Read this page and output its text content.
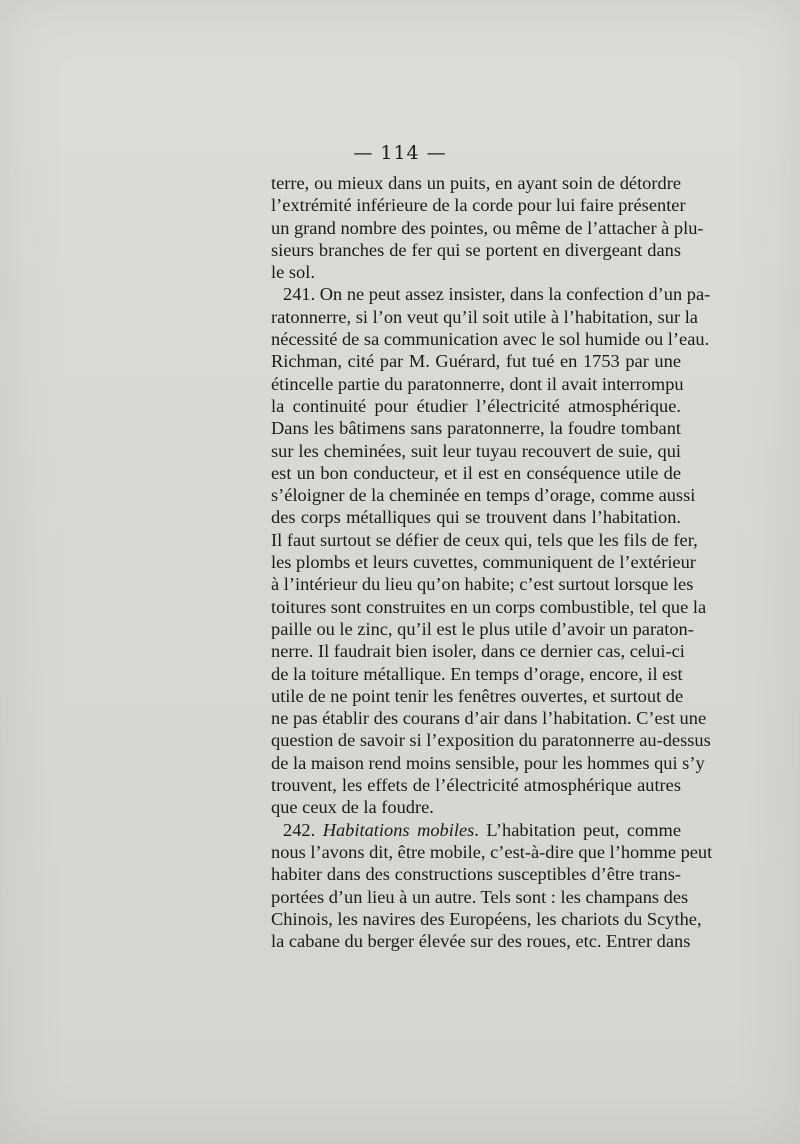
— 114 —
terre, ou mieux dans un puits, en ayant soin de détordre
l’extrémité inférieure de la corde pour lui faire présenter
un grand nombre des pointes, ou même de l’attacher à plu-
sieurs branches de fer qui se portent en divergeant dans
le sol.
241. On ne peut assez insister, dans la confection d’un pa-
ratonnerre, si l’on veut qu’il soit utile à l’habitation, sur la
nécessité de sa communication avec le sol humide ou l’eau.
Richman, cité par M. Guérard, fut tué en 1753 par une
étincelle partie du paratonnerre, dont il avait interrompu
la continuité pour étudier l’électricité atmosphérique.
Dans les bâtimens sans paratonnerre, la foudre tombant
sur les cheminées, suit leur tuyau recouvert de suie, qui
est un bon conducteur, et il est en conséquence utile de
s’éloigner de la cheminée en temps d’orage, comme aussi
des corps métalliques qui se trouvent dans l’habitation.
Il faut surtout se défier de ceux qui, tels que les fils de fer,
les plombs et leurs cuvettes, communiquent de l’extérieur
à l’intérieur du lieu qu’on habite; c’est surtout lorsque les
toitures sont construites en un corps combustible, tel que la
paille ou le zinc, qu’il est le plus utile d’avoir un paraton-
nerre. Il faudrait bien isoler, dans ce dernier cas, celui-ci
de la toiture métallique. En temps d’orage, encore, il est
utile de ne point tenir les fenêtres ouvertes, et surtout de
ne pas établir des courans d’air dans l’habitation. C’est une
question de savoir si l’exposition du paratonnerre au-dessus
de la maison rend moins sensible, pour les hommes qui s’y
trouvent, les effets de l’électricité atmosphérique autres
que ceux de la foudre.
242. Habitations mobiles. L’habitation peut, comme
nous l’avons dit, être mobile, c’est-à-dire que l’homme peut
habiter dans des constructions susceptibles d’être trans-
portées d’un lieu à un autre. Tels sont : les champans des
Chinois, les navires des Européens, les chariots du Scythe,
la cabane du berger élevée sur des roues, etc. Entrer dans
